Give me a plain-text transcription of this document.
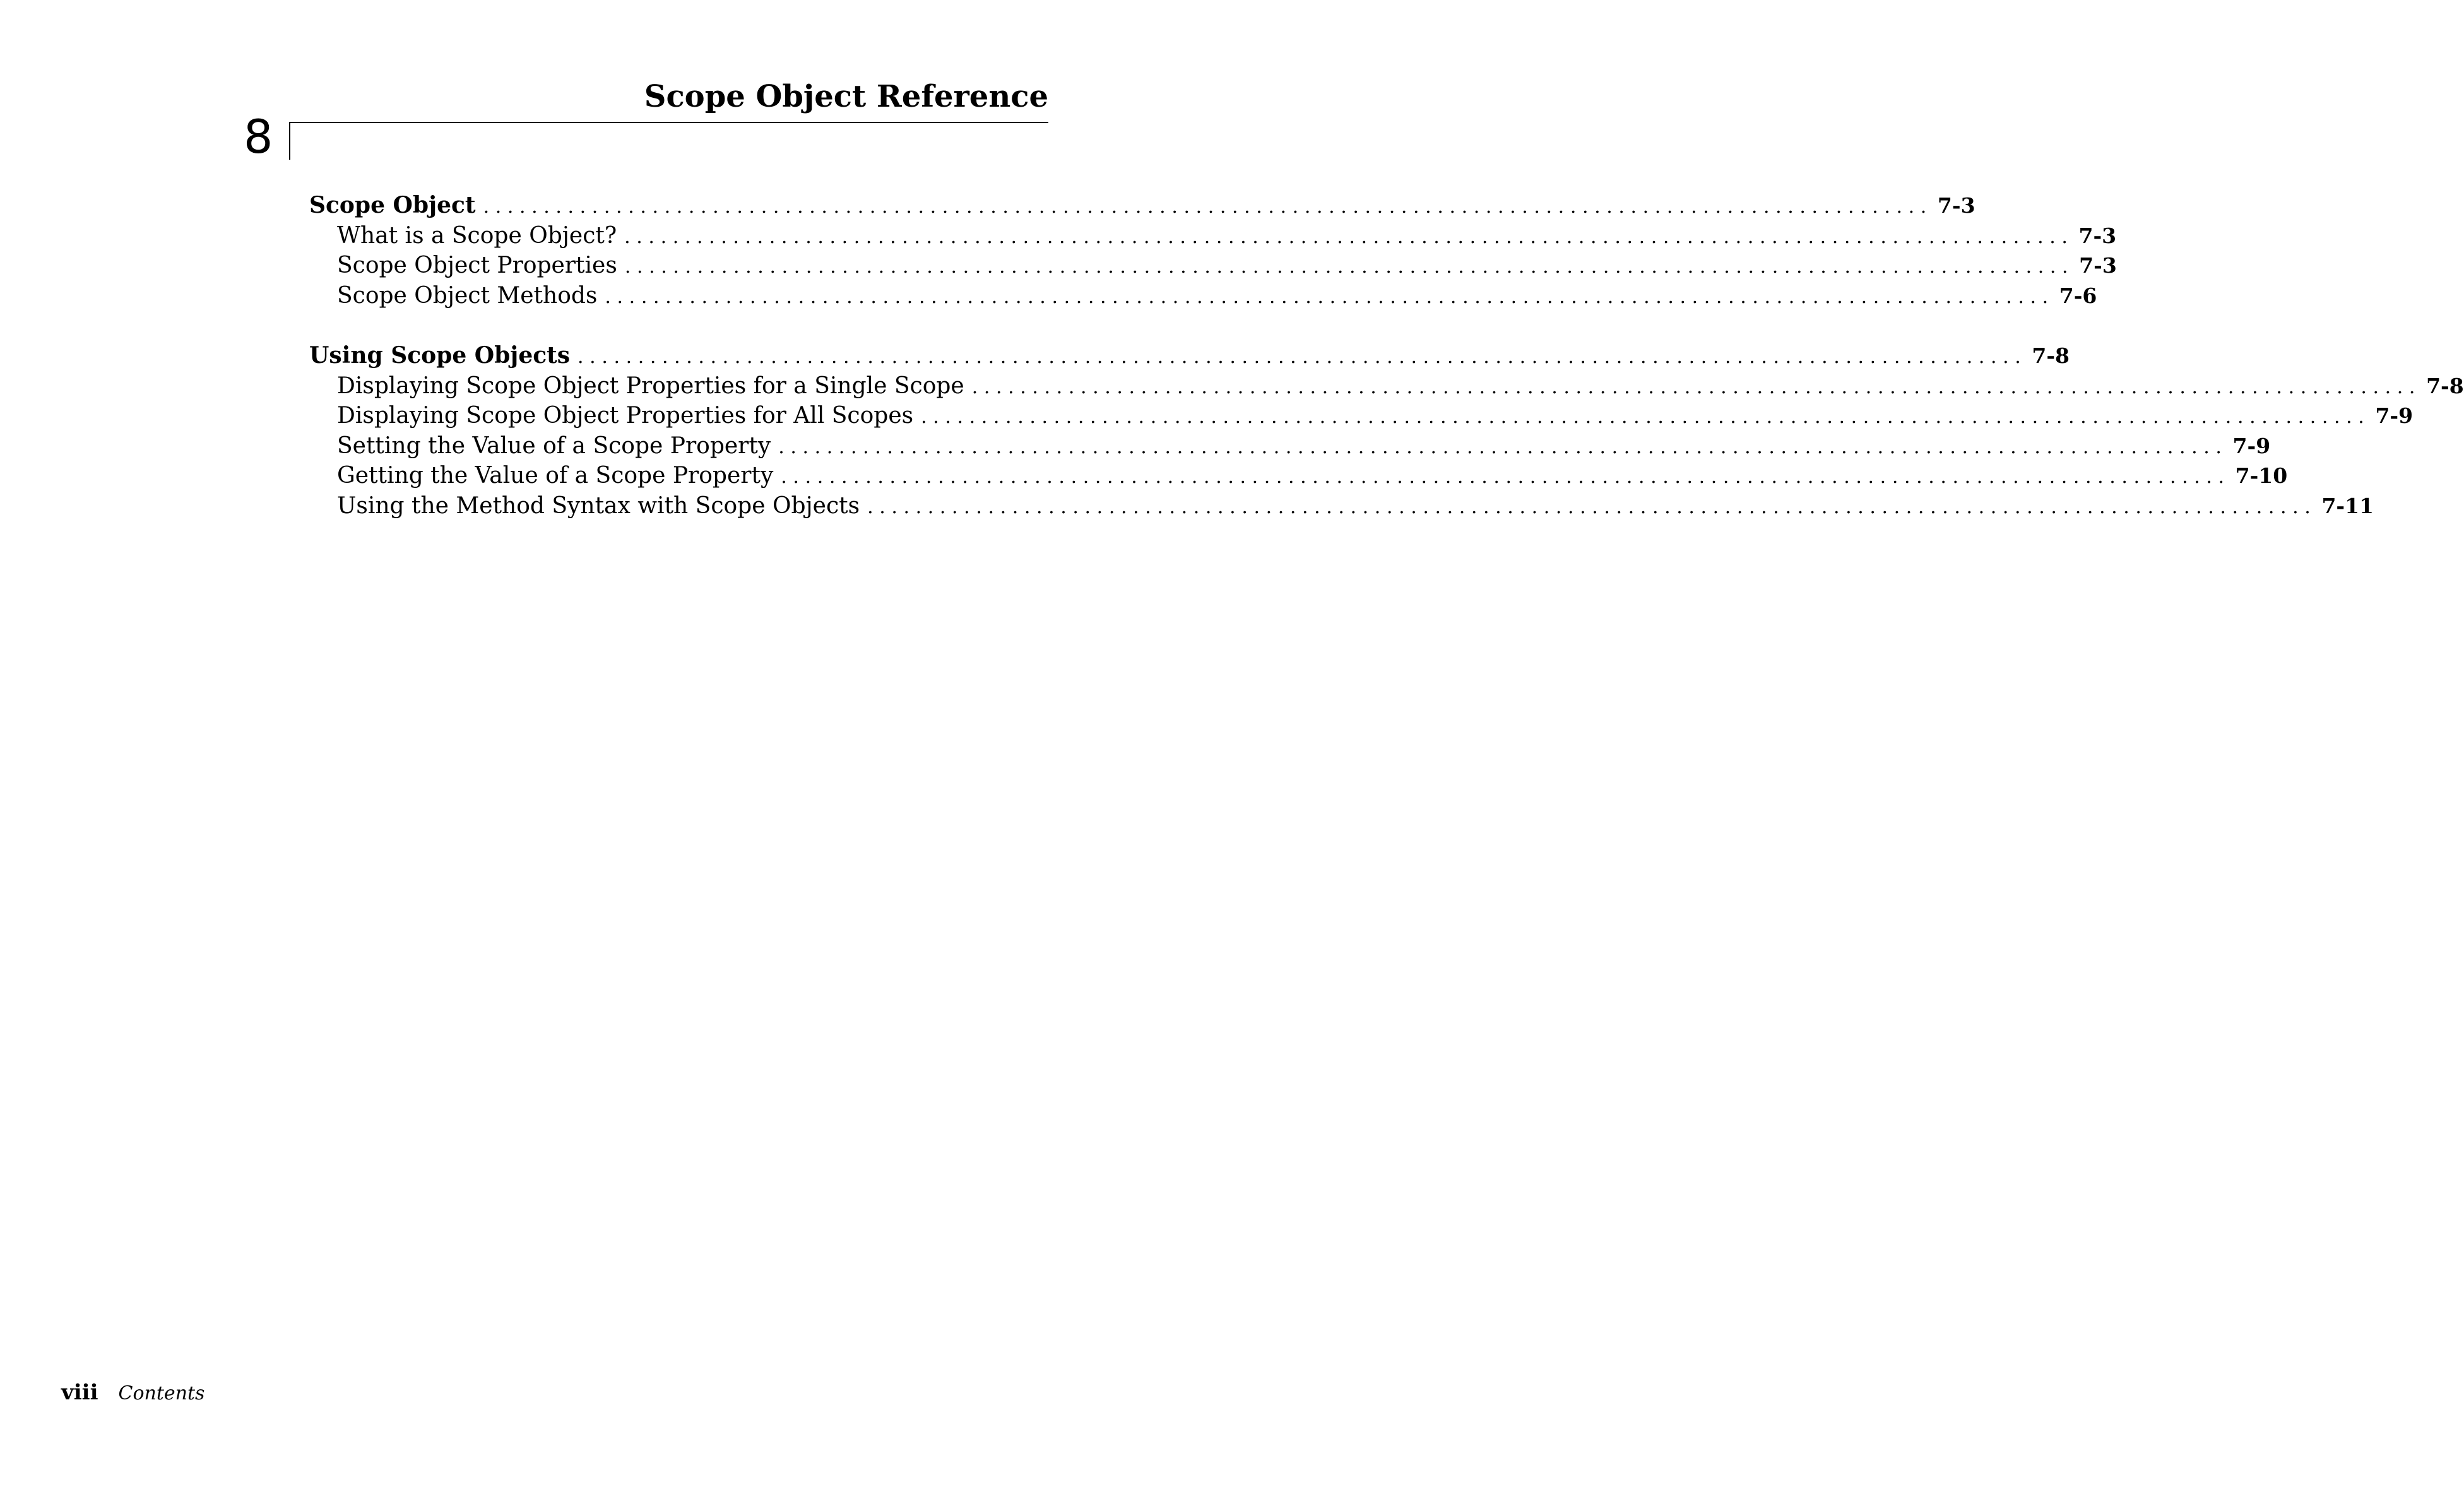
Scope Object Reference
8
Scope Object ........................................................................................................................ 7-3
What is a Scope Object? ........................................................................................................................ 7-3
Scope Object Properties ........................................................................................................................ 7-3
Scope Object Methods ........................................................................................................................ 7-6
Using Scope Objects ........................................................................................................................ 7-8
Displaying Scope Object Properties for a Single Scope ........................................................................................................................ 7-8
Displaying Scope Object Properties for All Scopes ........................................................................................................................ 7-9
Setting the Value of a Scope Property ........................................................................................................................ 7-9
Getting the Value of a Scope Property ........................................................................................................................ 7-10
Using the Method Syntax with Scope Objects ........................................................................................................................ 7-11
viii Contents
